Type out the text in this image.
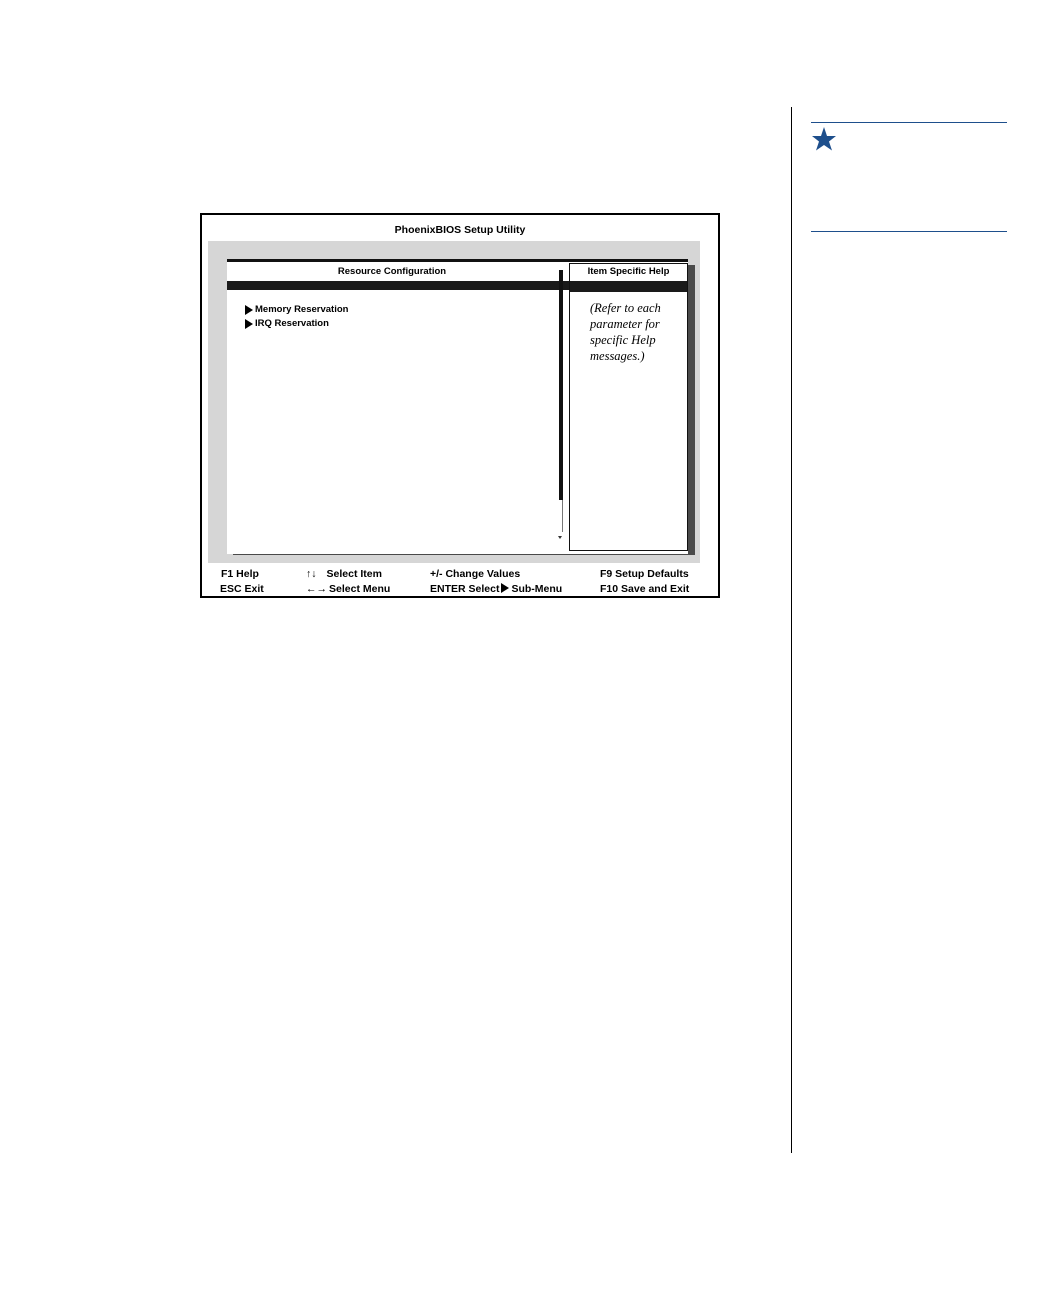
PhoenixBIOS Setup Utility
Resource Configuration
Memory Reservation
IRQ Reservation
Item Specific Help
(Refer to each
parameter for
specific Help
messages.)
F1 Help
ESC Exit
↑↓ Select Item
←→ Select Menu
+/- Change Values
ENTER Select Sub-Menu
F9 Setup Defaults
F10 Save and Exit
